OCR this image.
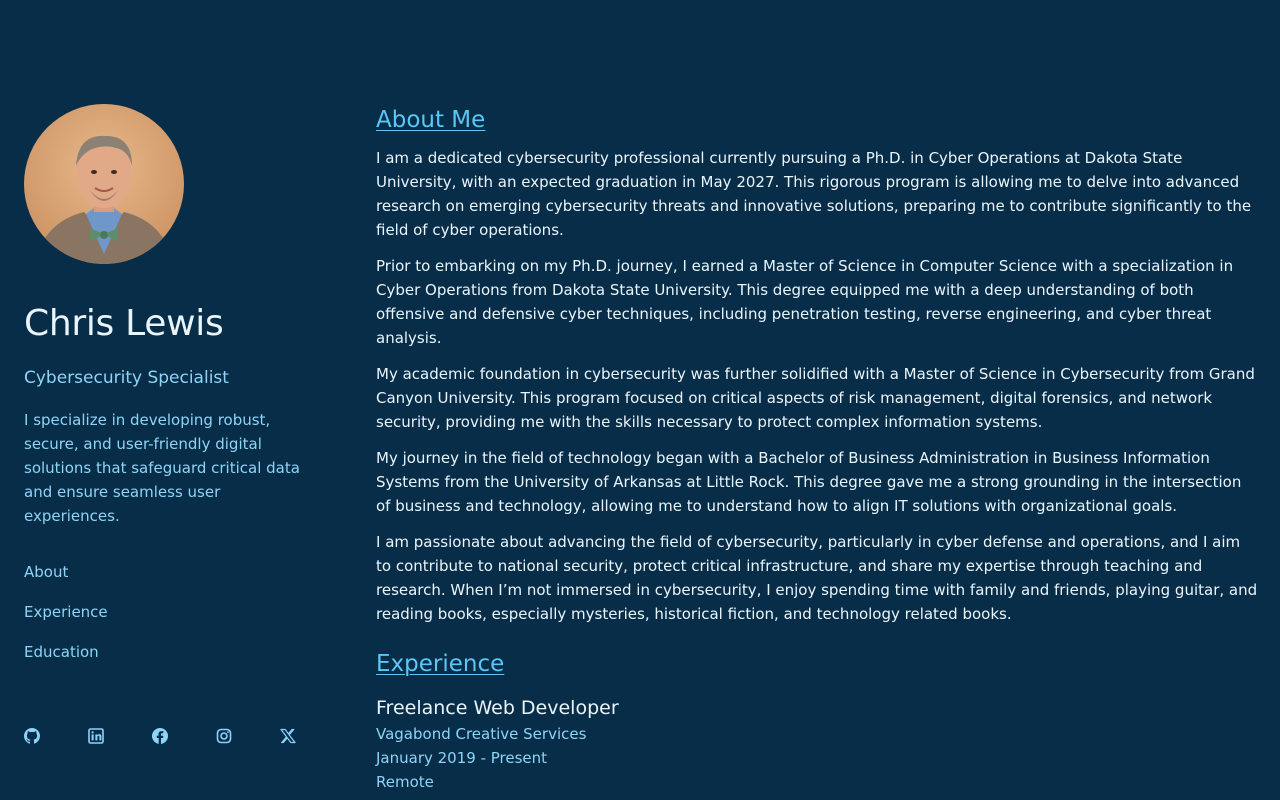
Chris Lewis
Cybersecurity Specialist

I specialize in developing robust, secure, and user-friendly digital solutions that safeguard critical data and ensure seamless user experiences.

About
Experience
Education
About Me

I am a dedicated cybersecurity professional currently pursuing a Ph.D. in Cyber Operations at Dakota State University, with an expected graduation in May 2027. This rigorous program is allowing me to delve into advanced research on emerging cybersecurity threats and innovative solutions, preparing me to contribute significantly to the field of cyber operations.

Prior to embarking on my Ph.D. journey, I earned a Master of Science in Computer Science with a specialization in Cyber Operations from Dakota State University. This degree equipped me with a deep understanding of both offensive and defensive cyber techniques, including penetration testing, reverse engineering, and cyber threat analysis.

My academic foundation in cybersecurity was further solidified with a Master of Science in Cybersecurity from Grand Canyon University. This program focused on critical aspects of risk management, digital forensics, and network security, providing me with the skills necessary to protect complex information systems.

My journey in the field of technology began with a Bachelor of Business Administration in Business Information Systems from the University of Arkansas at Little Rock. This degree gave me a strong grounding in the intersection of business and technology, allowing me to understand how to align IT solutions with organizational goals.

I am passionate about advancing the field of cybersecurity, particularly in cyber defense and operations, and I aim to contribute to national security, protect critical infrastructure, and share my expertise through teaching and research. When I’m not immersed in cybersecurity, I enjoy spending time with family and friends, playing guitar, and reading books, especially mysteries, historical fiction, and technology related books.

Experience
Freelance Web Developer
Vagabond Creative Services
January 2019 - Present
Remote
